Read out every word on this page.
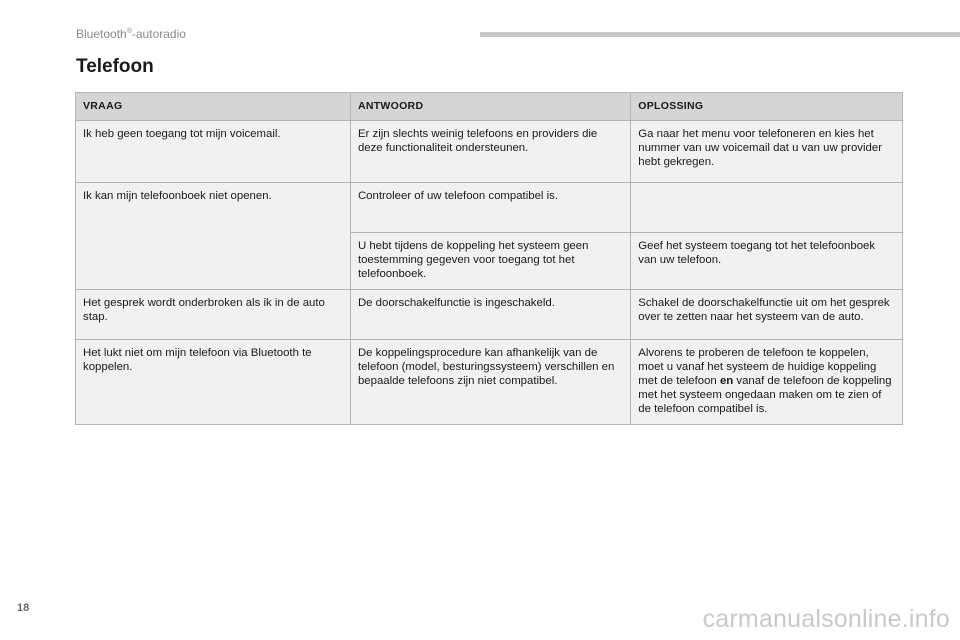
Bluetooth®-autoradio
Telefoon
VRAAG	ANTWOORD	OPLOSSING
Ik heb geen toegang tot mijn voicemail.	Er zijn slechts weinig telefoons en providers die deze functionaliteit ondersteunen.	Ga naar het menu voor telefoneren en kies het nummer van uw voicemail dat u van uw provider hebt gekregen.
Ik kan mijn telefoonboek niet openen.	Controleer of uw telefoon compatibel is.	
	U hebt tijdens de koppeling het systeem geen toestemming gegeven voor toegang tot het telefoonboek.	Geef het systeem toegang tot het telefoonboek van uw telefoon.
Het gesprek wordt onderbroken als ik in de auto stap.	De doorschakelfunctie is ingeschakeld.	Schakel de doorschakelfunctie uit om het gesprek over te zetten naar het systeem van de auto.
Het lukt niet om mijn telefoon via Bluetooth te koppelen.	De koppelingsprocedure kan afhankelijk van de telefoon (model, besturingssysteem) verschillen en bepaalde telefoons zijn niet compatibel.	Alvorens te proberen de telefoon te koppelen, moet u vanaf het systeem de huidige koppeling met de telefoon en vanaf de telefoon de koppeling met het systeem ongedaan maken om te zien of de telefoon compatibel is.
18	carmanualsonline.info
